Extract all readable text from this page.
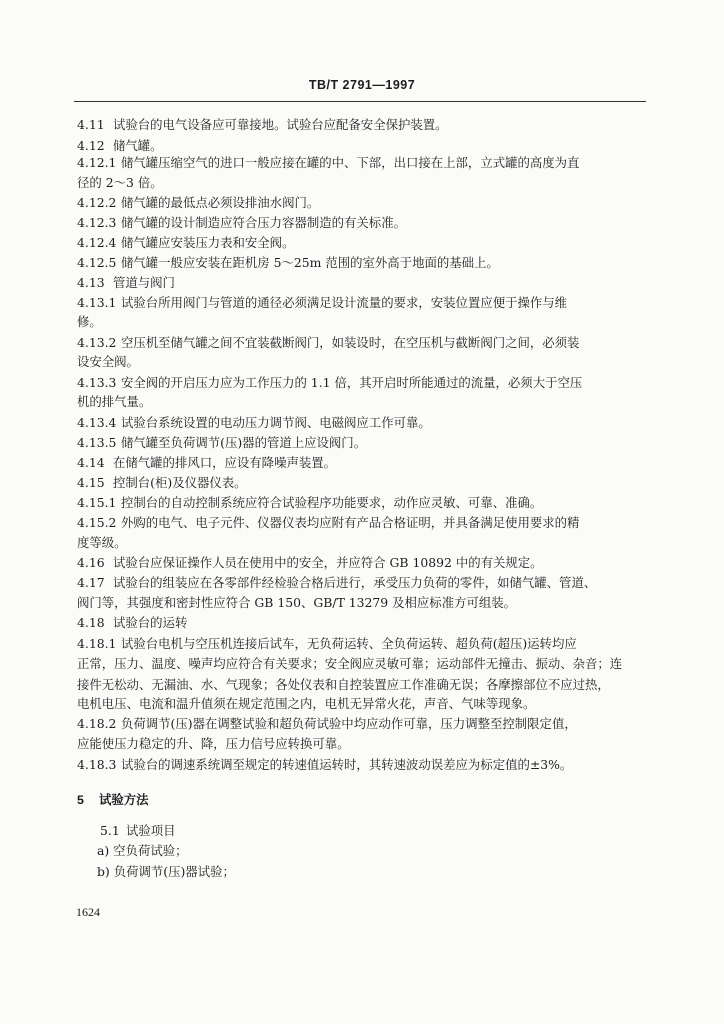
TB/T 2791—1997
4.11 试验台的电气设备应可靠接地。试验台应配备安全保护装置。
4.12 储气罐。
4.12.1 储气罐压缩空气的进口一般应接在罐的中、下部，出口接在上部，立式罐的高度为直
径的 2～3 倍。
4.12.2 储气罐的最低点必须设排油水阀门。
4.12.3 储气罐的设计制造应符合压力容器制造的有关标准。
4.12.4 储气罐应安装压力表和安全阀。
4.12.5 储气罐一般应安装在距机房 5～25m 范围的室外高于地面的基础上。
4.13 管道与阀门
4.13.1 试验台所用阀门与管道的通径必须满足设计流量的要求，安装位置应便于操作与维
修。
4.13.2 空压机至储气罐之间不宜装截断阀门，如装设时，在空压机与截断阀门之间，必须装
设安全阀。
4.13.3 安全阀的开启压力应为工作压力的 1.1 倍，其开启时所能通过的流量，必须大于空压
机的排气量。
4.13.4 试验台系统设置的电动压力调节阀、电磁阀应工作可靠。
4.13.5 储气罐至负荷调节(压)器的管道上应设阀门。
4.14 在储气罐的排风口，应设有降噪声装置。
4.15 控制台(柜)及仪器仪表。
4.15.1 控制台的自动控制系统应符合试验程序功能要求，动作应灵敏、可靠、准确。
4.15.2 外购的电气、电子元件、仪器仪表均应附有产品合格证明，并具备满足使用要求的精
度等级。
4.16 试验台应保证操作人员在使用中的安全，并应符合 GB 10892 中的有关规定。
4.17 试验台的组装应在各零部件经检验合格后进行，承受压力负荷的零件，如储气罐、管道、
阀门等，其强度和密封性应符合 GB 150、GB/T 13279 及相应标准方可组装。
4.18 试验台的运转
4.18.1 试验台电机与空压机连接后试车，无负荷运转、全负荷运转、超负荷(超压)运转均应
正常，压力、温度、噪声均应符合有关要求；安全阀应灵敏可靠；运动部件无撞击、振动、杂音；连
接件无松动、无漏油、水、气现象；各处仪表和自控装置应工作准确无误；各摩擦部位不应过热，
电机电压、电流和温升值须在规定范围之内，电机无异常火花，声音、气味等现象。
4.18.2 负荷调节(压)器在调整试验和超负荷试验中均应动作可靠，压力调整至控制限定值，
应能使压力稳定的升、降，压力信号应转换可靠。
4.18.3 试验台的调速系统调至规定的转速值运转时，其转速波动误差应为标定值的±3%。
5 试验方法
5.1 试验项目
a) 空负荷试验；
b) 负荷调节(压)器试验；
1624
